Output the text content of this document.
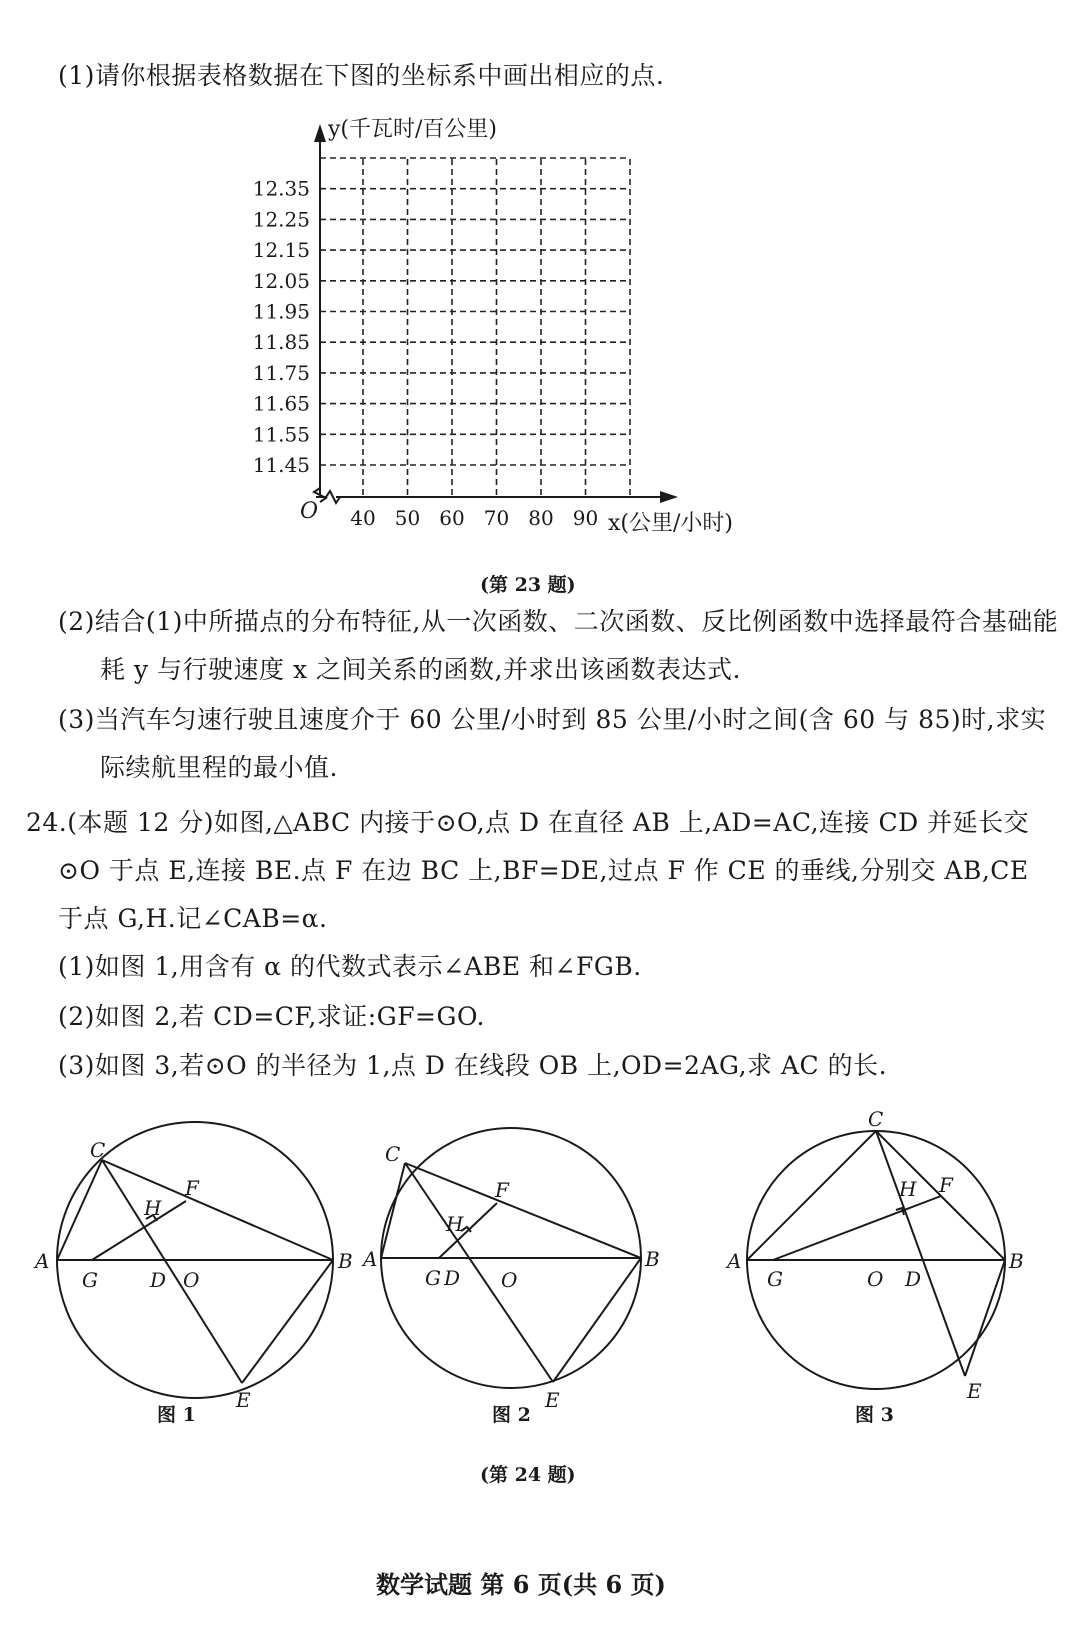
(1)请你根据表格数据在下图的坐标系中画出相应的点.
11.45
11.55
11.65
11.75
11.85
11.95
12.05
12.15
12.25
12.35
40 50 60 70 80 90
y(千瓦时/百公里)
x(公里/小时)
O
(第 23 题)
(2)结合(1)中所描点的分布特征,从一次函数、二次函数、反比例函数中选择最符合基础能
耗 y 与行驶速度 x 之间关系的函数,并求出该函数表达式.
(3)当汽车匀速行驶且速度介于 60 公里/小时到 85 公里/小时之间(含 60 与 85)时,求实
际续航里程的最小值.
24.(本题 12 分)如图,△ABC 内接于⊙O,点 D 在直径 AB 上,AD=AC,连接 CD 并延长交
⊙O 于点 E,连接 BE.点 F 在边 BC 上,BF=DE,过点 F 作 CE 的垂线,分别交 AB,CE
于点 G,H.记∠CAB=α.
(1)如图 1,用含有 α 的代数式表示∠ABE 和∠FGB.
(2)如图 2,若 CD=CF,求证:GF=GO.
(3)如图 3,若⊙O 的半径为 1,点 D 在线段 OB 上,OD=2AG,求 AC 的长.
C
A	B
G	D O
F
H
E
图 1
C
A	B
G D O
F
H
E
图 2
C
A	B
G	O D
F
H
E
图 3
(第 24 题)
数学试题 第 6 页(共 6 页)
